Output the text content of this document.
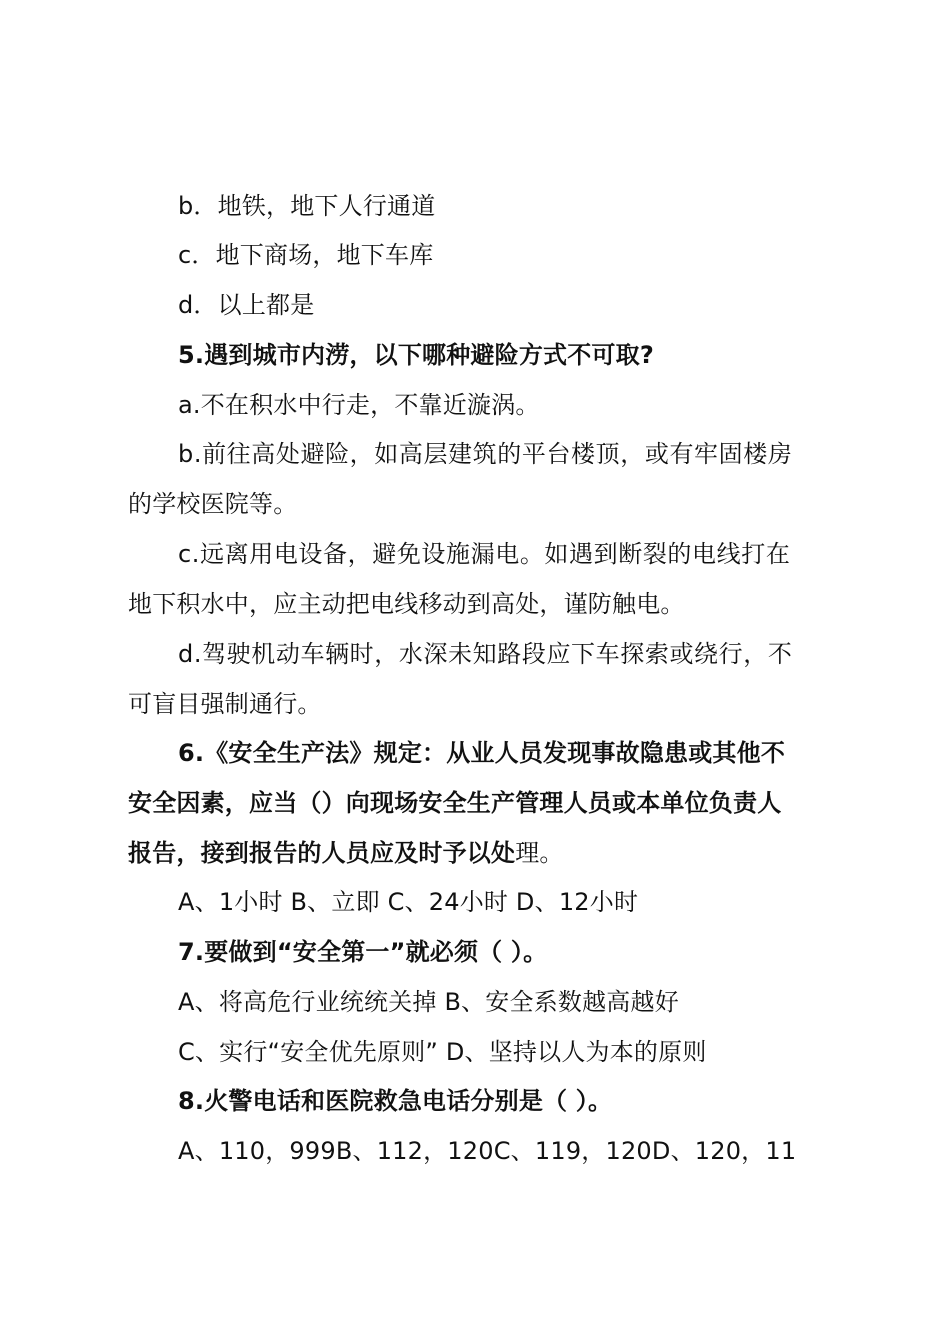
b．地铁，地下人行通道
c．地下商场，地下车库
d．以上都是
5.遇到城市内涝，以下哪种避险方式不可取?
a.不在积水中行走，不靠近漩涡。
b.前往高处避险，如高层建筑的平台楼顶，或有牢固楼房
的学校医院等。
c.远离用电设备，避免设施漏电。如遇到断裂的电线打在
地下积水中，应主动把电线移动到高处，谨防触电。
d.驾驶机动车辆时，水深未知路段应下车探索或绕行，不
可盲目强制通行。
6.《安全生产法》规定：从业人员发现事故隐患或其他不
安全因素，应当（）向现场安全生产管理人员或本单位负责人
报告，接到报告的人员应及时予以处理。
A、1小时 B、立即 C、24小时 D、12小时
7.要做到“安全第一”就必须（ ）。
A、将高危行业统统关掉 B、安全系数越高越好
C、实行“安全优先原则” D、坚持以人为本的原则
8.火警电话和医院救急电话分别是（ ）。
A、110，999B、112，120C、119，120D、120，11
